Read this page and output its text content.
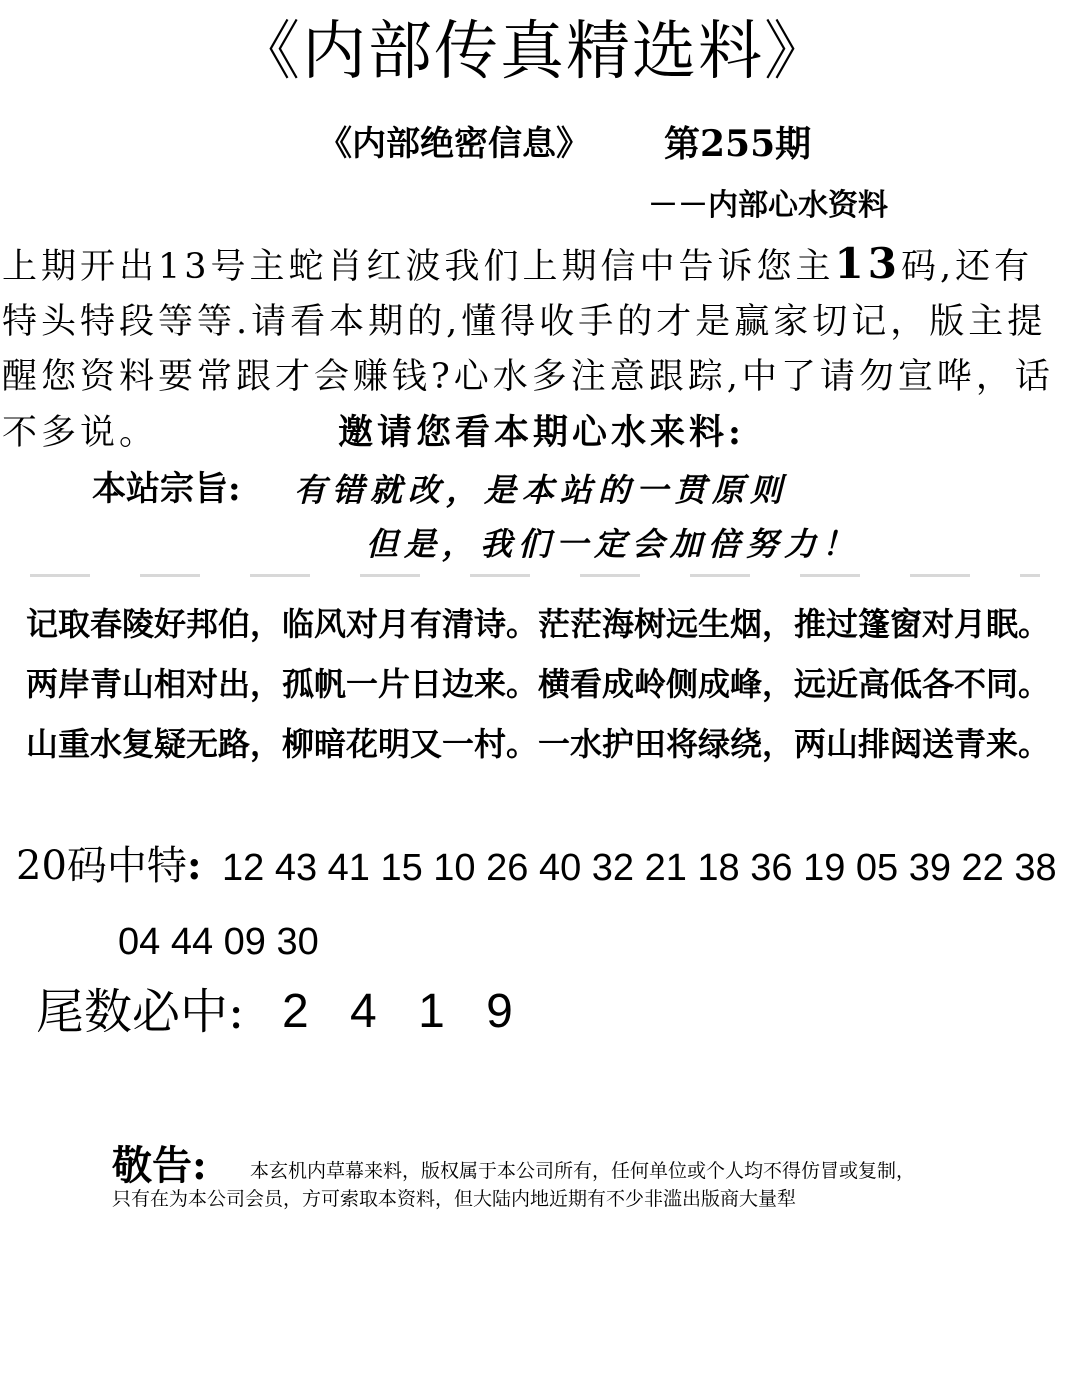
《内部传真精选料》
《内部绝密信息》 第255期
－－内部心水资料
上期开出13号主蛇肖红波我们上期信中告诉您主13码,还有特头特段等等.请看本期的,懂得收手的才是赢家切记，版主提醒您资料要常跟才会赚钱?心水多注意跟踪,中了请勿宣哗，话不多说。	邀请您看本期心水来料:
本站宗旨: 有错就改，是本站的一贯原则
但是，我们一定会加倍努力！
记取春陵好邦伯，临风对月有清诗。茫茫海树远生烟，推过篷窗对月眠。
两岸青山相对出，孤帆一片日边来。横看成岭侧成峰，远近高低各不同。
山重水复疑无路，柳暗花明又一村。一水护田将绿绕，两山排闼送青来。
20码中特: 12 43 41 15 10 26 40 32 21 18 36 19 05 39 22 38
04 44 09 30
尾数必中: 2 4 1 9
敬告: 本玄机内草幕来料，版权属于本公司所有，任何单位或个人均不得仿冒或复制，
只有在为本公司会员，方可索取本资料，但大陆内地近期有不少非滥出版商大量犁
